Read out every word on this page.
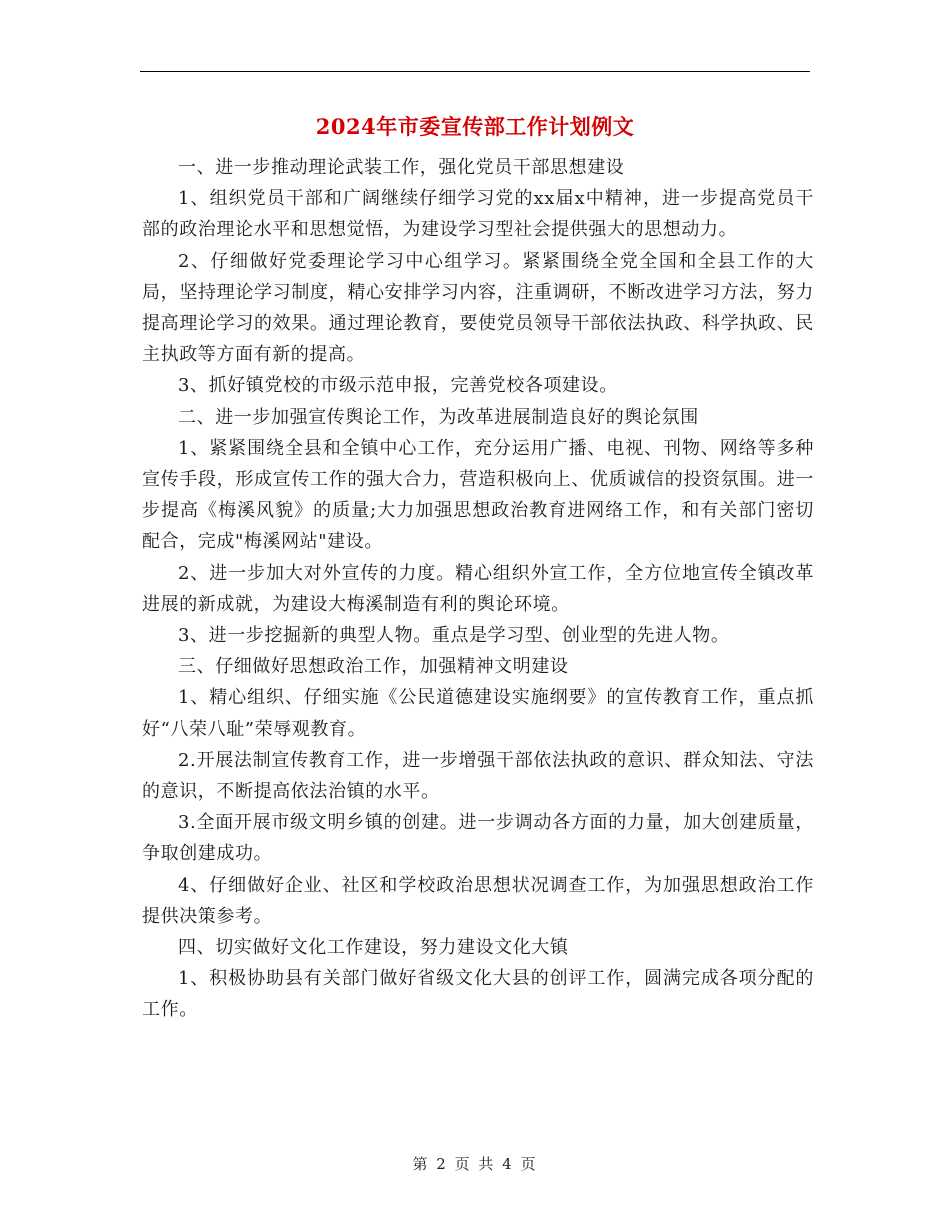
2024年市委宣传部工作计划例文

一、进一步推动理论武装工作，强化党员干部思想建设

1、组织党员干部和广阔继续仔细学习党的xx届x中精神，进一步提高党员干部的政治理论水平和思想觉悟，为建设学习型社会提供强大的思想动力。

2、仔细做好党委理论学习中心组学习。紧紧围绕全党全国和全县工作的大局，坚持理论学习制度，精心安排学习内容，注重调研，不断改进学习方法，努力提高理论学习的效果。通过理论教育，要使党员领导干部依法执政、科学执政、民主执政等方面有新的提高。

3、抓好镇党校的市级示范申报，完善党校各项建设。

二、进一步加强宣传舆论工作，为改革进展制造良好的舆论氛围

1、紧紧围绕全县和全镇中心工作，充分运用广播、电视、刊物、网络等多种宣传手段，形成宣传工作的强大合力，营造积极向上、优质诚信的投资氛围。进一步提高《梅溪风貌》的质量;大力加强思想政治教育进网络工作，和有关部门密切配合，完成"梅溪网站"建设。

2、进一步加大对外宣传的力度。精心组织外宣工作，全方位地宣传全镇改革进展的新成就，为建设大梅溪制造有利的舆论环境。

3、进一步挖掘新的典型人物。重点是学习型、创业型的先进人物。

三、仔细做好思想政治工作，加强精神文明建设

1、精心组织、仔细实施《公民道德建设实施纲要》的宣传教育工作，重点抓好“八荣八耻”荣辱观教育。

2.开展法制宣传教育工作，进一步增强干部依法执政的意识、群众知法、守法的意识，不断提高依法治镇的水平。

3.全面开展市级文明乡镇的创建。进一步调动各方面的力量，加大创建质量，争取创建成功。

4、仔细做好企业、社区和学校政治思想状况调查工作，为加强思想政治工作提供决策参考。

四、切实做好文化工作建设，努力建设文化大镇

1、积极协助县有关部门做好省级文化大县的创评工作，圆满完成各项分配的工作。

第 2 页 共 4 页
